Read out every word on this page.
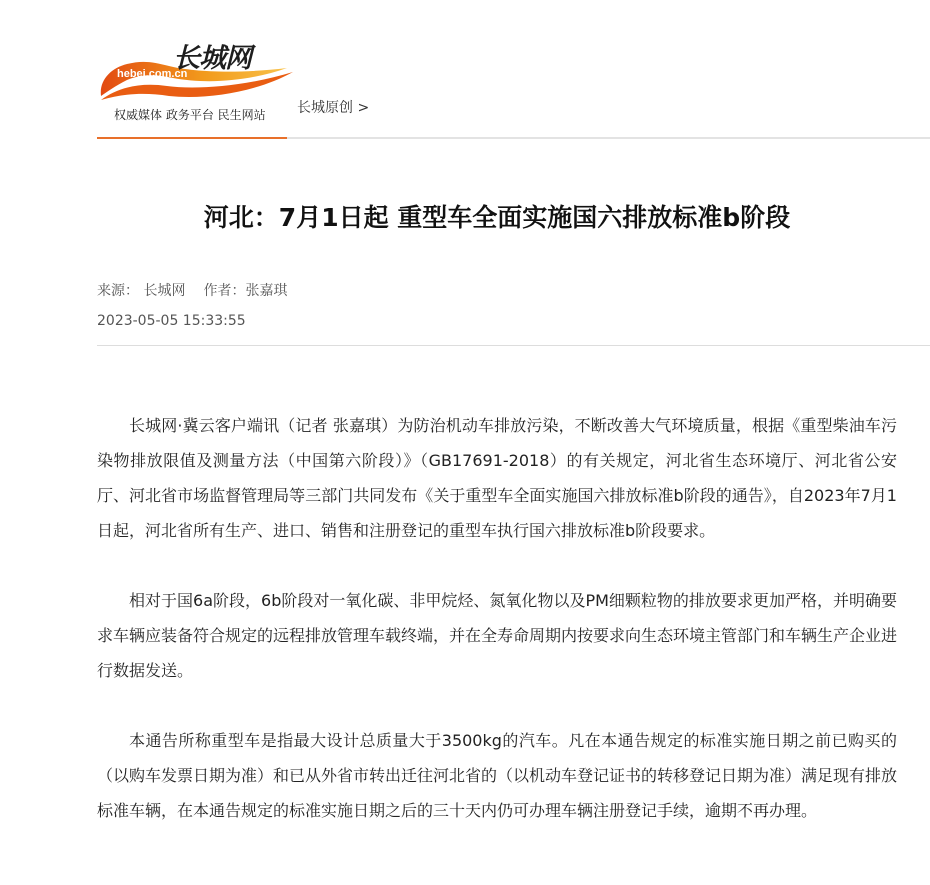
长城网
hebei.com.cn
权威媒体 政务平台 民生网站 长城原创 >
河北：7月1日起 重型车全面实施国六排放标准b阶段
来源： 长城网 作者：张嘉琪
2023-05-05 15:33:55

长城网·冀云客户端讯（记者 张嘉琪）为防治机动车排放污染，不断改善大气环境质量，根据《重型柴油车污染物排放限值及测量方法（中国第六阶段）》（GB17691-2018）的有关规定，河北省生态环境厅、河北省公安厅、河北省市场监督管理局等三部门共同发布《关于重型车全面实施国六排放标准b阶段的通告》，自2023年7月1日起，河北省所有生产、进口、销售和注册登记的重型车执行国六排放标准b阶段要求。

相对于国6a阶段，6b阶段对一氧化碳、非甲烷烃、氮氧化物以及PM细颗粒物的排放要求更加严格，并明确要求车辆应装备符合规定的远程排放管理车载终端，并在全寿命周期内按要求向生态环境主管部门和车辆生产企业进行数据发送。

本通告所称重型车是指最大设计总质量大于3500kg的汽车。凡在本通告规定的标准实施日期之前已购买的（以购车发票日期为准）和已从外省市转出迁往河北省的（以机动车登记证书的转移登记日期为准）满足现有排放标准车辆，在本通告规定的标准实施日期之后的三十天内仍可办理车辆注册登记手续，逾期不再办理。
